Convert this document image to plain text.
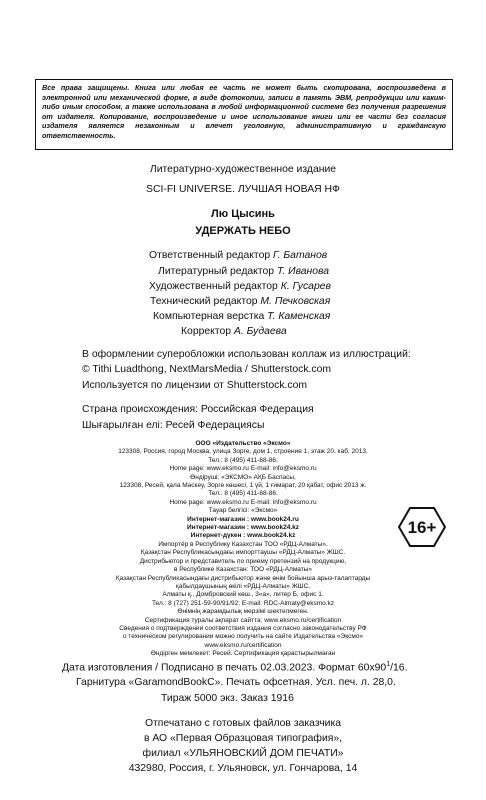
Все права защищены. Книга или любая ее часть не может быть скопирована, воспроизведена в электронной или механической форме, в виде фотокопии, записи в память ЭВМ, репродукции или каким-либо иным способом, а также использована в любой информационной системе без получения разрешения от издателя. Копирование, воспроизведение и иное использование книги или ее части без согласия издателя является незаконным и влечет уголовную, административную и гражданскую ответственность.
Литературно-художественное издание
SCI-FI UNIVERSE. ЛУЧШАЯ НОВАЯ НФ
Лю Цысинь
УДЕРЖАТЬ НЕБО
Ответственный редактор Г. Батанов
Литературный редактор Т. Иванова
Художественный редактор К. Гусарев
Технический редактор М. Печковская
Компьютерная верстка Т. Каменская
Корректор А. Будаева
В оформлении суперобложки использован коллаж из иллюстраций:
© Tithi Luadthong, NextMarsMedia / Shutterstock.com
Используется по лицензии от Shutterstock.com
Страна происхождения: Российская Федерация
Шығарылған елі: Ресей Федерациясы
ООО «Издательство «Эксмо»
123308, Россия, город Москва, улица Зорге, дом 1, строение 1, этаж 20, каб. 2013.
Тел.: 8 (495) 411-68-86.
Home page: www.eksmo.ru E-mail: info@eksmo.ru
Өндіруші: «ЭКСМО» АҚБ Баспасы,
123308, Ресей, қала Мәскеу, Зорге көшесі, 1 үй, 1 ғимарат, 20 қабат, офис 2013 ж.
Тел.: 8 (495) 411-68-86.
Home page: www.eksmo.ru E-mail: info@eksmo.ru
Тауар белгісі: «Эксмо»
Интернет-магазин : www.book24.ru
Интернет-магазин : www.book24.kz
Интернет-дүкен : www.book24.kz
Импортёр в Республику Казахстан ТОО «РДЦ-Алматы».
Қазақстан Республикасындағы импорттаушы «РДЦ-Алматы» ЖШС.
Дистрибьютор и представитель по приему претензий на продукцию,
в Республике Казахстан: ТОО «РДЦ-Алматы»
Қазақстан Республикасындағы дистрибьютор және өнім бойынша арыз-талаптарды
қабылдаушының өкілі «РДЦ-Алматы» ЖШС,
Алматы қ., Домбровский көш., 3«а», литер Б, офис 1.
Тел.: 8 (727) 251-59-90/91/92; E-mail: RDC-Almaty@eksmo.kz
Өнімнің жарамдылық мерзімі шектелмеген.
Сертификация туралы ақпарат сайтта: www.eksmo.ru/certification
Сведения о подтверждении соответствия издания согласно законодательству РФ
о техническом регулировании можно получить на сайте Издательства «Эксмо»
www.eksmo.ru/certification
Өндірген мемлекет: Ресей. Сертификация қарастырылмаған
16+
Дата изготовления / Подписано в печать 02.03.2023. Формат $60х90^1/16$.
Гарнитура «GaramondBookC». Печать офсетная. Усл. печ. л. 28,0.
Тираж 5000 экз. Заказ 1916
Отпечатано с готовых файлов заказчика
в АО «Первая Образцовая типография»,
филиал «УЛЬЯНОВСКИЙ ДОМ ПЕЧАТИ»
432980, Россия, г. Ульяновск, ул. Гончарова, 14
